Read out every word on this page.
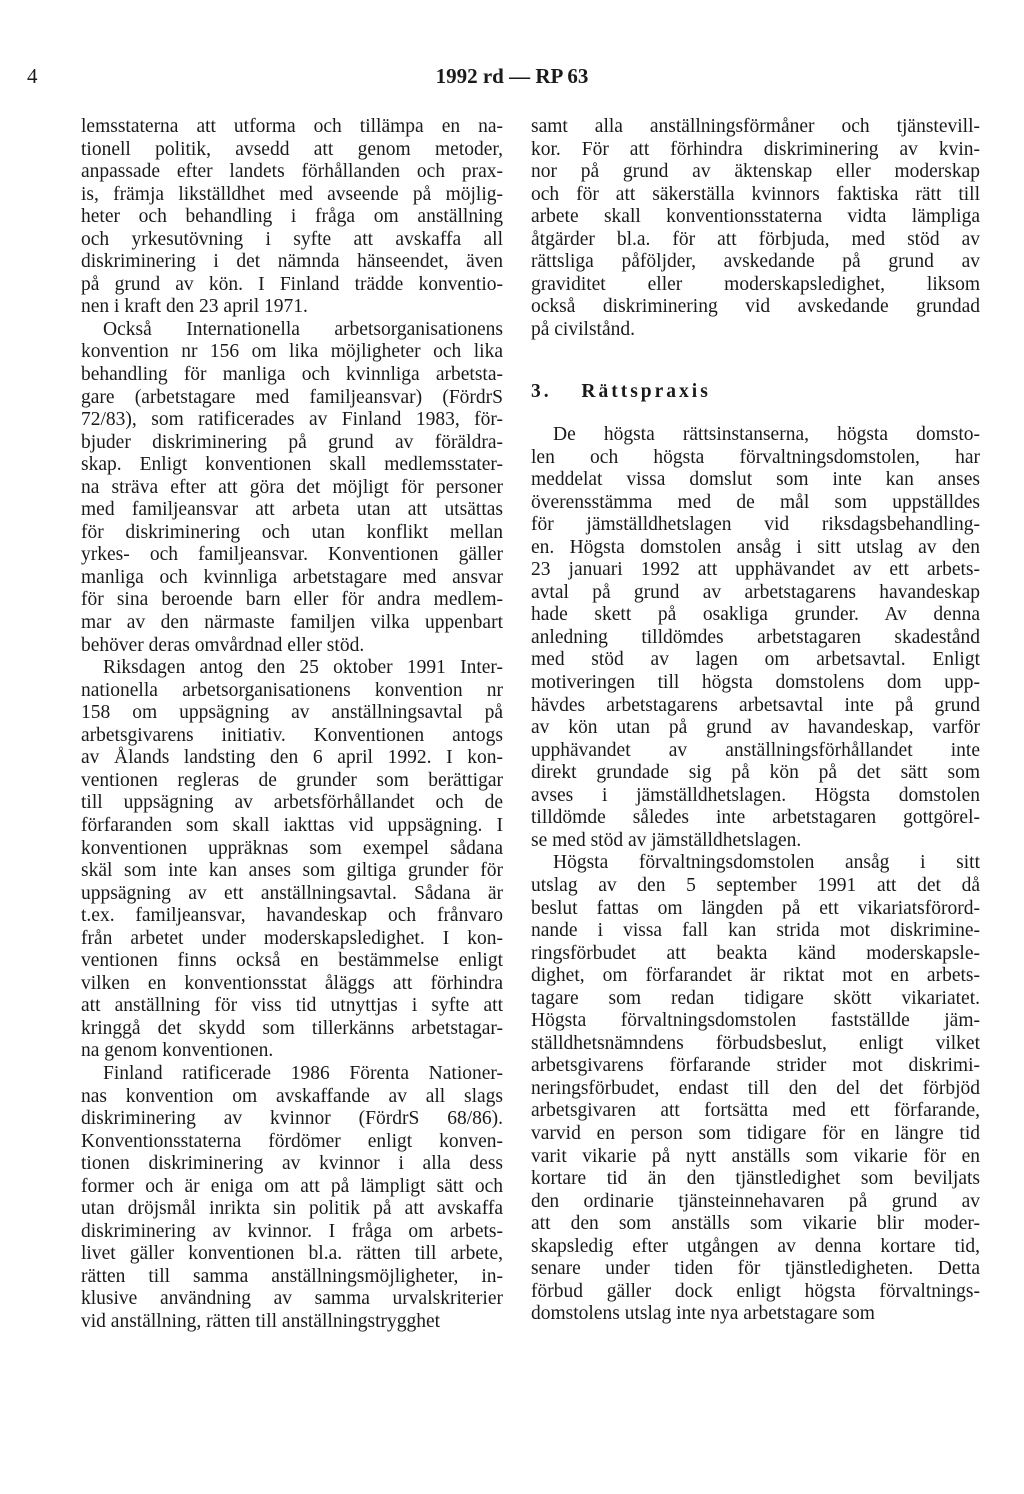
4	1992 rd — RP 63
lemsstaterna att utforma och tillämpa en na-
tionell politik, avsedd att genom metoder,
anpassade efter landets förhållanden och prax-
is, främja likställdhet med avseende på möjlig-
heter och behandling i fråga om anställning
och yrkesutövning i syfte att avskaffa all
diskriminering i det nämnda hänseendet, även
på grund av kön. I Finland trädde konventio-
nen i kraft den 23 april 1971.
Också Internationella arbetsorganisationens
konvention nr 156 om lika möjligheter och lika
behandling för manliga och kvinnliga arbetsta-
gare (arbetstagare med familjeansvar) (FördrS
72/83), som ratificerades av Finland 1983, för-
bjuder diskriminering på grund av föräldra-
skap. Enligt konventionen skall medlemsstater-
na sträva efter att göra det möjligt för personer
med familjeansvar att arbeta utan att utsättas
för diskriminering och utan konflikt mellan
yrkes- och familjeansvar. Konventionen gäller
manliga och kvinnliga arbetstagare med ansvar
för sina beroende barn eller för andra medlem-
mar av den närmaste familjen vilka uppenbart
behöver deras omvårdnad eller stöd.
Riksdagen antog den 25 oktober 1991 Inter-
nationella arbetsorganisationens konvention nr
158 om uppsägning av anställningsavtal på
arbetsgivarens initiativ. Konventionen antogs
av Ålands landsting den 6 april 1992. I kon-
ventionen regleras de grunder som berättigar
till uppsägning av arbetsförhållandet och de
förfaranden som skall iakttas vid uppsägning. I
konventionen uppräknas som exempel sådana
skäl som inte kan anses som giltiga grunder för
uppsägning av ett anställningsavtal. Sådana är
t.ex. familjeansvar, havandeskap och frånvaro
från arbetet under moderskapsledighet. I kon-
ventionen finns också en bestämmelse enligt
vilken en konventionsstat åläggs att förhindra
att anställning för viss tid utnyttjas i syfte att
kringgå det skydd som tillerkänns arbetstagar-
na genom konventionen.
Finland ratificerade 1986 Förenta Nationer-
nas konvention om avskaffande av all slags
diskriminering av kvinnor (FördrS 68/86).
Konventionsstaterna fördömer enligt konven-
tionen diskriminering av kvinnor i alla dess
former och är eniga om att på lämpligt sätt och
utan dröjsmål inrikta sin politik på att avskaffa
diskriminering av kvinnor. I fråga om arbets-
livet gäller konventionen bl.a. rätten till arbete,
rätten till samma anställningsmöjligheter, in-
klusive användning av samma urvalskriterier
vid anställning, rätten till anställningstrygghet
samt alla anställningsförmåner och tjänstevill-
kor. För att förhindra diskriminering av kvin-
nor på grund av äktenskap eller moderskap
och för att säkerställa kvinnors faktiska rätt till
arbete skall konventionsstaterna vidta lämpliga
åtgärder bl.a. för att förbjuda, med stöd av
rättsliga påföljder, avskedande på grund av
graviditet eller moderskapsledighet, liksom
också diskriminering vid avskedande grundad
på civilstånd.
3. Rättspraxis
De högsta rättsinstanserna, högsta domsto-
len och högsta förvaltningsdomstolen, har
meddelat vissa domslut som inte kan anses
överensstämma med de mål som uppställdes
för jämställdhetslagen vid riksdagsbehandling-
en. Högsta domstolen ansåg i sitt utslag av den
23 januari 1992 att upphävandet av ett arbets-
avtal på grund av arbetstagarens havandeskap
hade skett på osakliga grunder. Av denna
anledning tilldömdes arbetstagaren skadestånd
med stöd av lagen om arbetsavtal. Enligt
motiveringen till högsta domstolens dom upp-
hävdes arbetstagarens arbetsavtal inte på grund
av kön utan på grund av havandeskap, varför
upphävandet av anställningsförhållandet inte
direkt grundade sig på kön på det sätt som
avses i jämställdhetslagen. Högsta domstolen
tilldömde således inte arbetstagaren gottgörel-
se med stöd av jämställdhetslagen.
Högsta förvaltningsdomstolen ansåg i sitt
utslag av den 5 september 1991 att det då
beslut fattas om längden på ett vikariatsförord-
nande i vissa fall kan strida mot diskrimine-
ringsförbudet att beakta känd moderskapsle-
dighet, om förfarandet är riktat mot en arbets-
tagare som redan tidigare skött vikariatet.
Högsta förvaltningsdomstolen fastställde jäm-
ställdhetsnämndens förbudsbeslut, enligt vilket
arbetsgivarens förfarande strider mot diskrimi-
neringsförbudet, endast till den del det förbjöd
arbetsgivaren att fortsätta med ett förfarande,
varvid en person som tidigare för en längre tid
varit vikarie på nytt anställs som vikarie för en
kortare tid än den tjänstledighet som beviljats
den ordinarie tjänsteinnehavaren på grund av
att den som anställs som vikarie blir moder-
skapsledig efter utgången av denna kortare tid,
senare under tiden för tjänstledigheten. Detta
förbud gäller dock enligt högsta förvaltnings-
domstolens utslag inte nya arbetstagare som
